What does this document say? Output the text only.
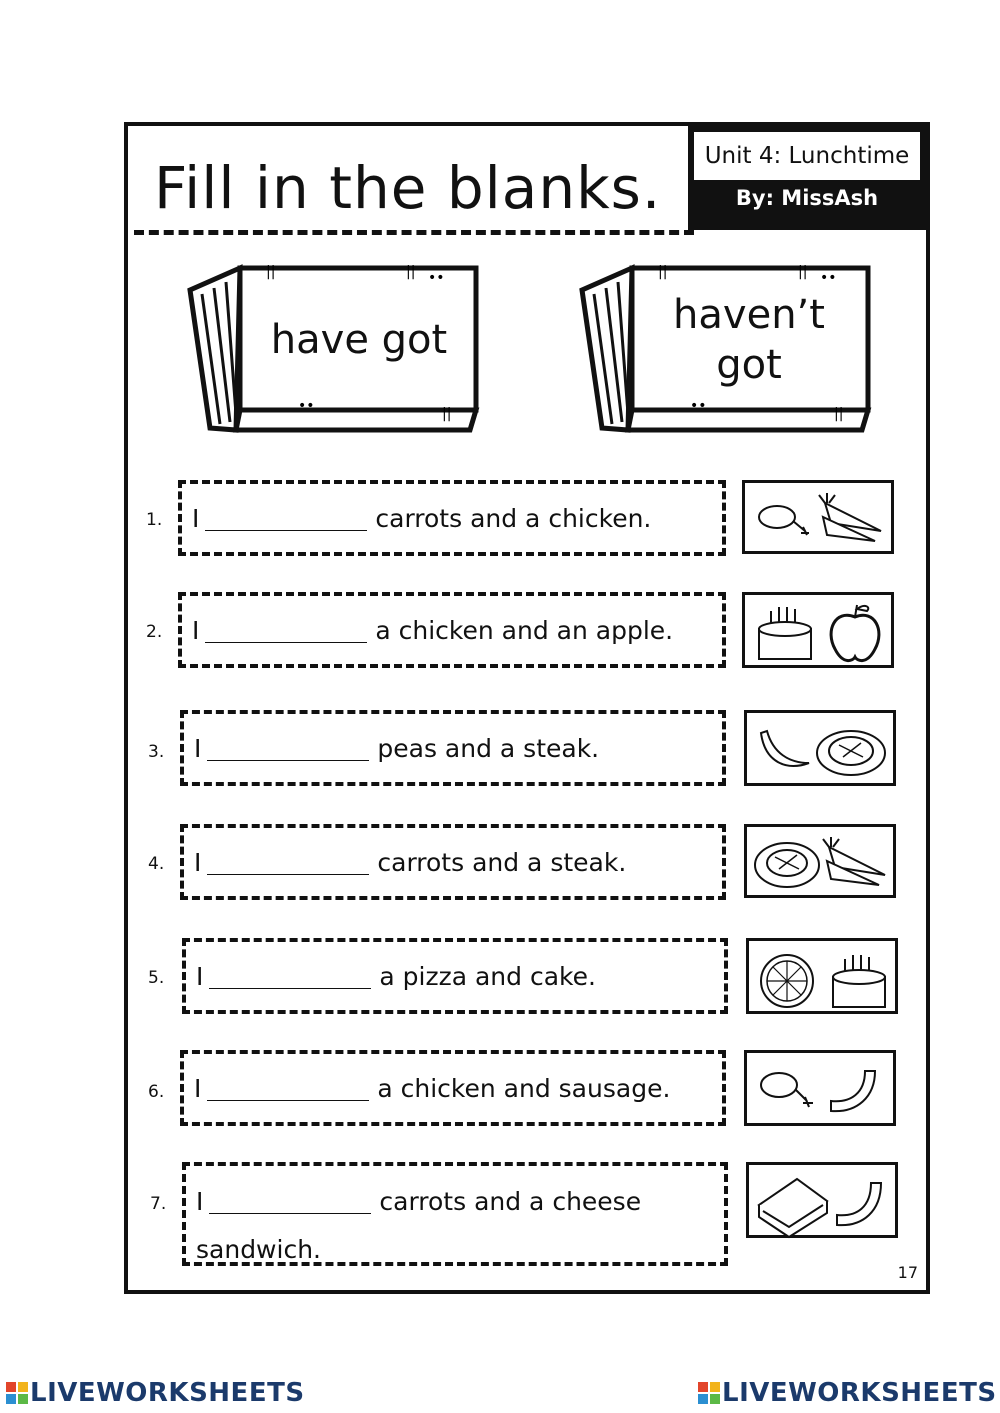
Fill in the blanks.	Unit 4: Lunchtime
By: MissAsh
||	|| ••
••	||
have got
||	|| ••
••	||
haven’t got
1.	I	carrots and a chicken.
2.	I	a chicken and an apple.
3.	I	peas and a steak.
4.	I	carrots and a steak.
5.	I	a pizza and cake.
6.	I	a chicken and sausage.
7.	I	carrots and a cheese
sandwich.
17
LIVEWORKSHEETS	LIVEWORKSHEETS
